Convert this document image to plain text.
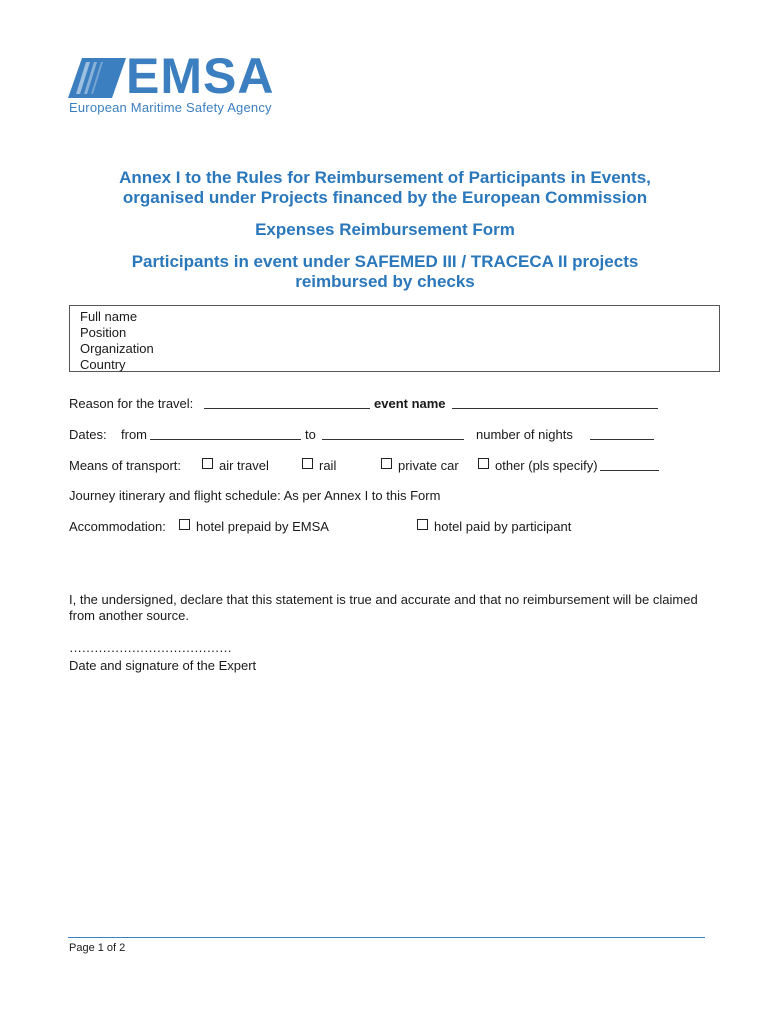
EMSA
European Maritime Safety Agency
Annex I to the Rules for Reimbursement of Participants in Events,
organised under Projects financed by the European Commission
Expenses Reimbursement Form
Participants in event under SAFEMED III / TRACECA II projects
reimbursed by checks
Full name
Position
Organization
Country
Reason for the travel:	event name
Dates: from	to	number of nights
Means of transport:	air travel	rail	private car	other (pls specify)
Journey itinerary and flight schedule: As per Annex I to this Form
Accommodation: hotel prepaid by EMSA	hotel paid by participant
I, the undersigned, declare that this statement is true and accurate and that no reimbursement will be claimed
from another source.
…………………………………
Date and signature of the Expert
Page 1 of 2
